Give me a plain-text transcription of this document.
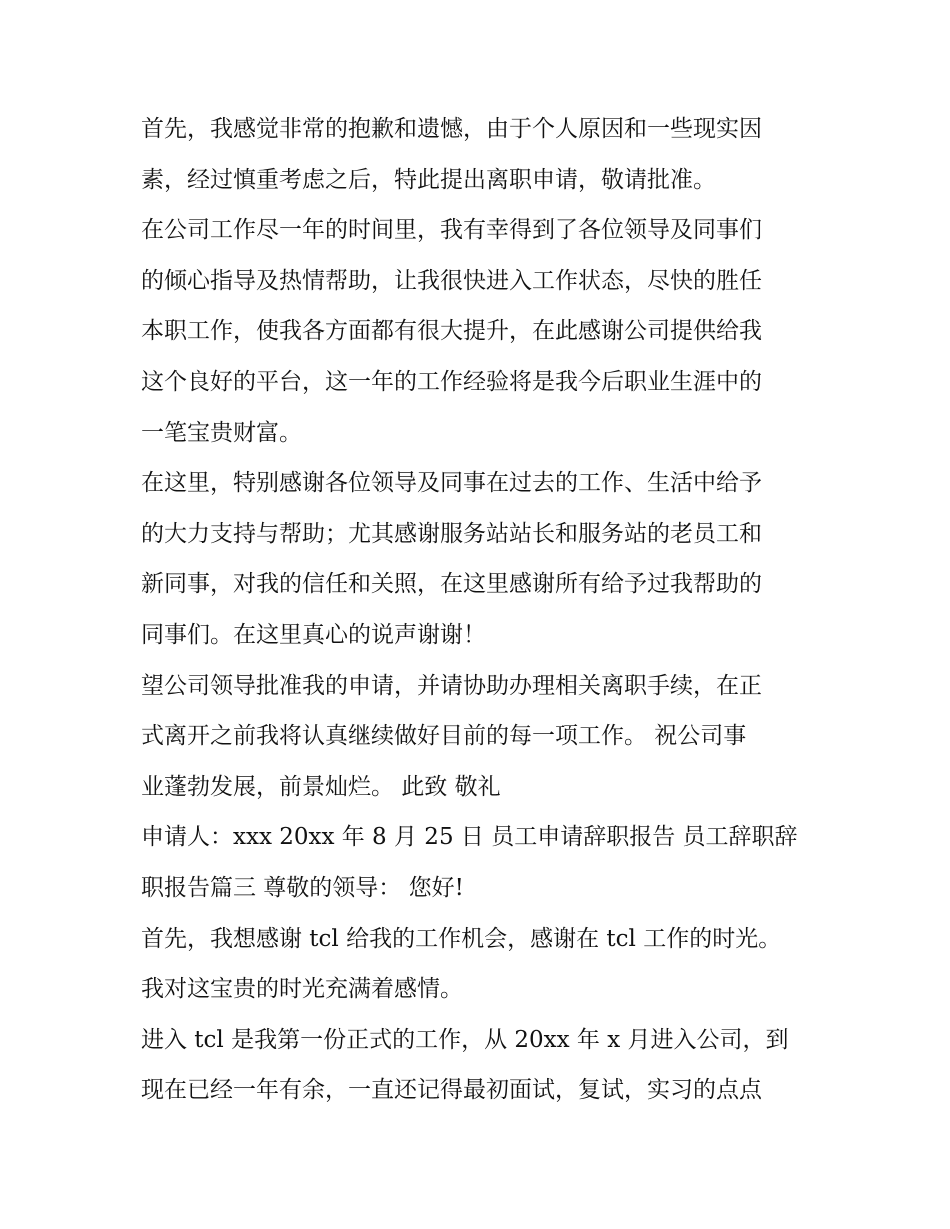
首先，我感觉非常的抱歉和遗憾，由于个人原因和一些现实因
素，经过慎重考虑之后，特此提出离职申请，敬请批准。
在公司工作尽一年的时间里，我有幸得到了各位领导及同事们
的倾心指导及热情帮助，让我很快进入工作状态，尽快的胜任
本职工作，使我各方面都有很大提升，在此感谢公司提供给我
这个良好的平台，这一年的工作经验将是我今后职业生涯中的
一笔宝贵财富。
在这里，特别感谢各位领导及同事在过去的工作、生活中给予
的大力支持与帮助；尤其感谢服务站站长和服务站的老员工和
新同事，对我的信任和关照，在这里感谢所有给予过我帮助的
同事们。在这里真心的说声谢谢！
望公司领导批准我的申请，并请协助办理相关离职手续，在正
式离开之前我将认真继续做好目前的每一项工作。 祝公司事
业蓬勃发展，前景灿烂。 此致 敬礼
申请人：xxx 20xx 年 8 月 25 日 员工申请辞职报告 员工辞职辞
职报告篇三 尊敬的领导： 您好!
首先，我想感谢 tcl 给我的工作机会，感谢在 tcl 工作的时光。
我对这宝贵的时光充满着感情。
进入 tcl 是我第一份正式的工作，从 20xx 年 x 月进入公司，到
现在已经一年有余，一直还记得最初面试，复试，实习的点点
